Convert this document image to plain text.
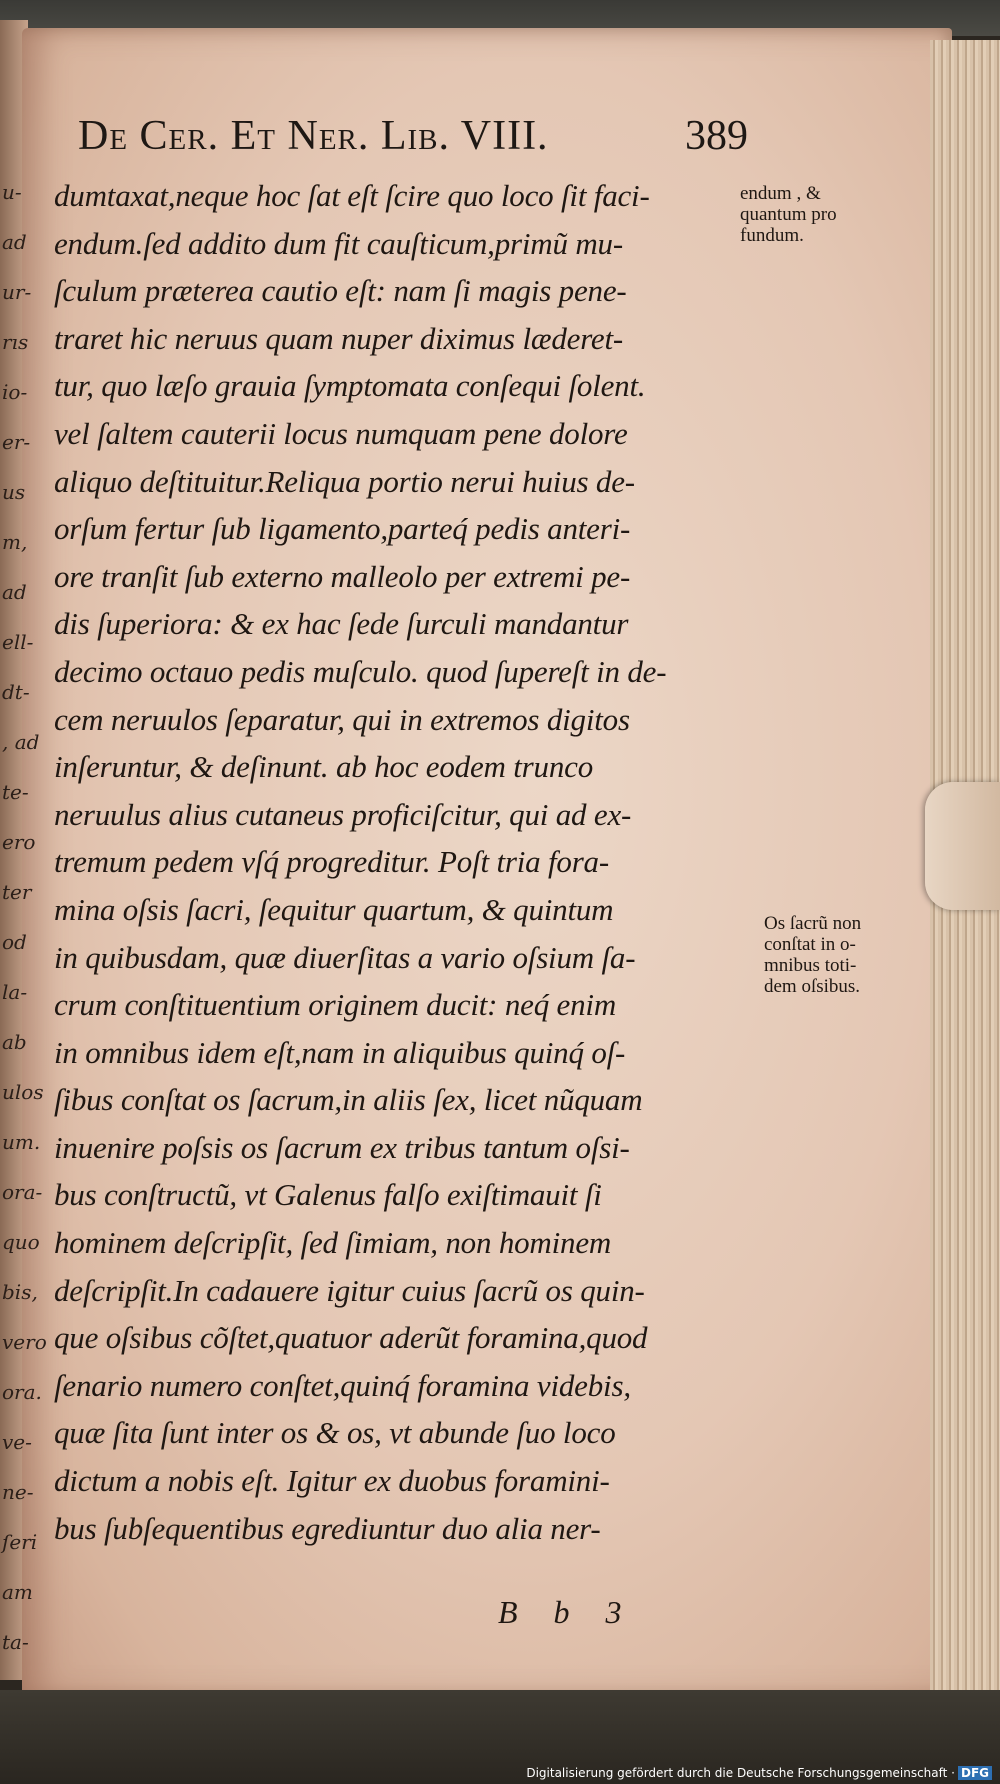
u-
ad
ur-
rıs
io-
er-
us
m,
ad
ell-
dt-
, ad
te-
ero
ter
od
la-
ab
ulos
um.
ora-
quo
bis,
vero
ora.
ve-
ne-
ſeri
am
ta-
De Cer. Et Ner. Lib. VIII.	389
dumtaxat,neque hoc ſat eſt ſcire quo loco ſit faci-
endum.ſed addito dum fit cauſticum,primũ mu-
ſculum præterea cautio eſt: nam ſi magis pene-
traret hic neruus quam nuper diximus læderet-
tur, quo læſo grauia ſymptomata conſequi ſolent.
vel ſaltem cauterii locus numquam pene dolore
aliquo deſtituitur.Reliqua portio nerui huius de-
orſum fertur ſub ligamento,parteq́ pedis anteri-
ore tranſit ſub externo malleolo per extremi pe-
dis ſuperiora: & ex hac ſede ſurculi mandantur
decimo octauo pedis muſculo. quod ſupereſt in de-
cem neruulos ſeparatur, qui in extremos digitos
inſeruntur, & deſinunt. ab hoc eodem trunco
neruulus alius cutaneus proficiſcitur, qui ad ex-
tremum pedem vſq́ progreditur. Poſt tria fora-
mina oſsis ſacri, ſequitur quartum, & quintum
in quibusdam, quæ diuerſitas a vario oſsium ſa-
crum conſtituentium originem ducit: neq́ enim
in omnibus idem eſt,nam in aliquibus quinq́ oſ-
ſibus conſtat os ſacrum,in aliis ſex, licet nũquam
inuenire poſsis os ſacrum ex tribus tantum oſsi-
bus conſtructũ, vt Galenus falſo exiſtimauit ſi
hominem deſcripſit, ſed ſimiam, non hominem
deſcripſit.In cadauere igitur cuius ſacrũ os quin-
que oſsibus cõſtet,quatuor aderũt foramina,quod
ſenario numero conſtet,quinq́ foramina videbis,
quæ ſita ſunt inter os & os, vt abunde ſuo loco
dictum a nobis eſt. Igitur ex duobus foramini-
bus ſubſequentibus egrediuntur duo alia ner-
endum , &
quantum pro
fundum.
Os ſacrũ non
conſtat in o-
mnibus toti-
dem oſsibus.
B b 3
Digitalisierung gefördert durch die Deutsche Forschungsgemeinschaft · DFG
